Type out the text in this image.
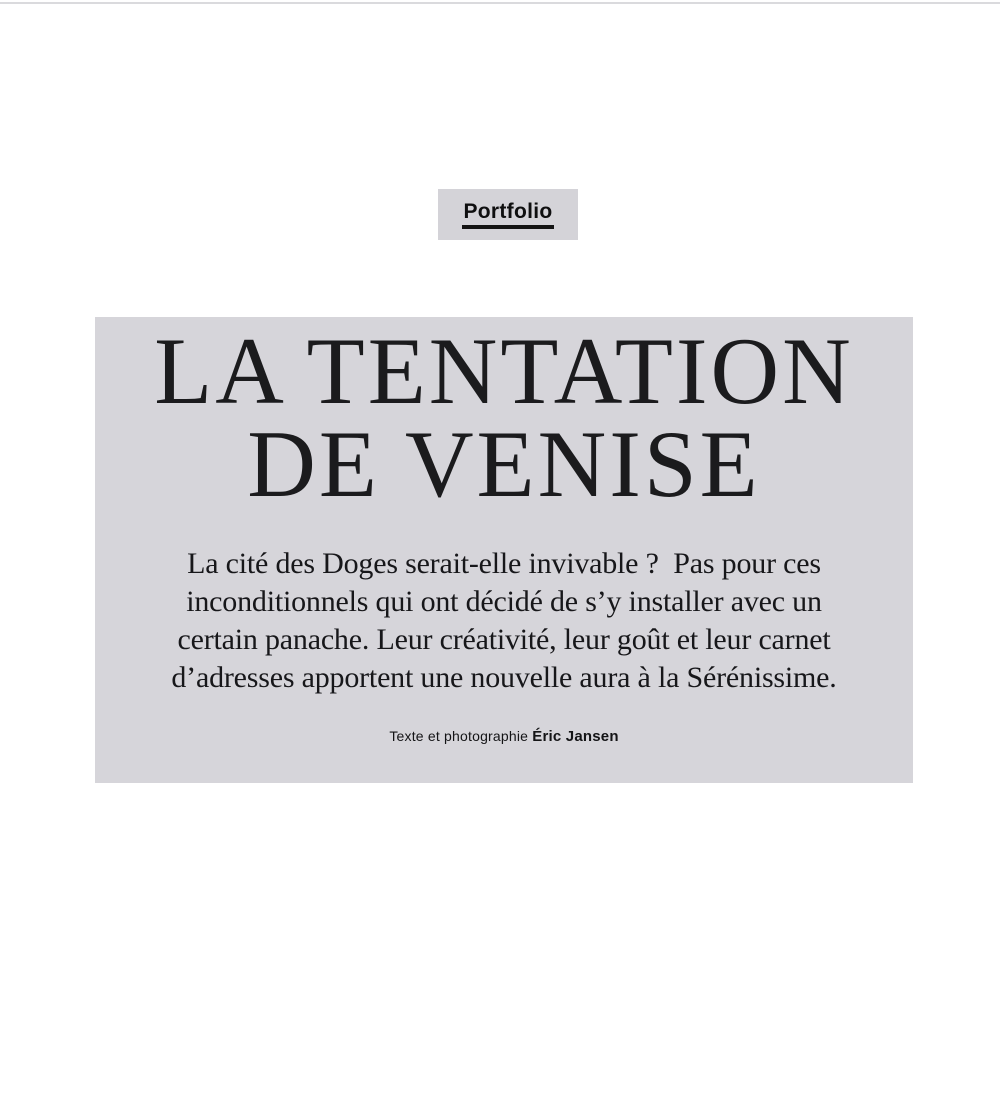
Portfolio
LA TENTATION
DE VENISE
La cité des Doges serait-elle invivable ?  Pas pour ces
inconditionnels qui ont décidé de s’y installer avec un
certain panache. Leur créativité, leur goût et leur carnet
d’adresses apportent une nouvelle aura à la Sérénissime.
Texte et photographie Éric Jansen
